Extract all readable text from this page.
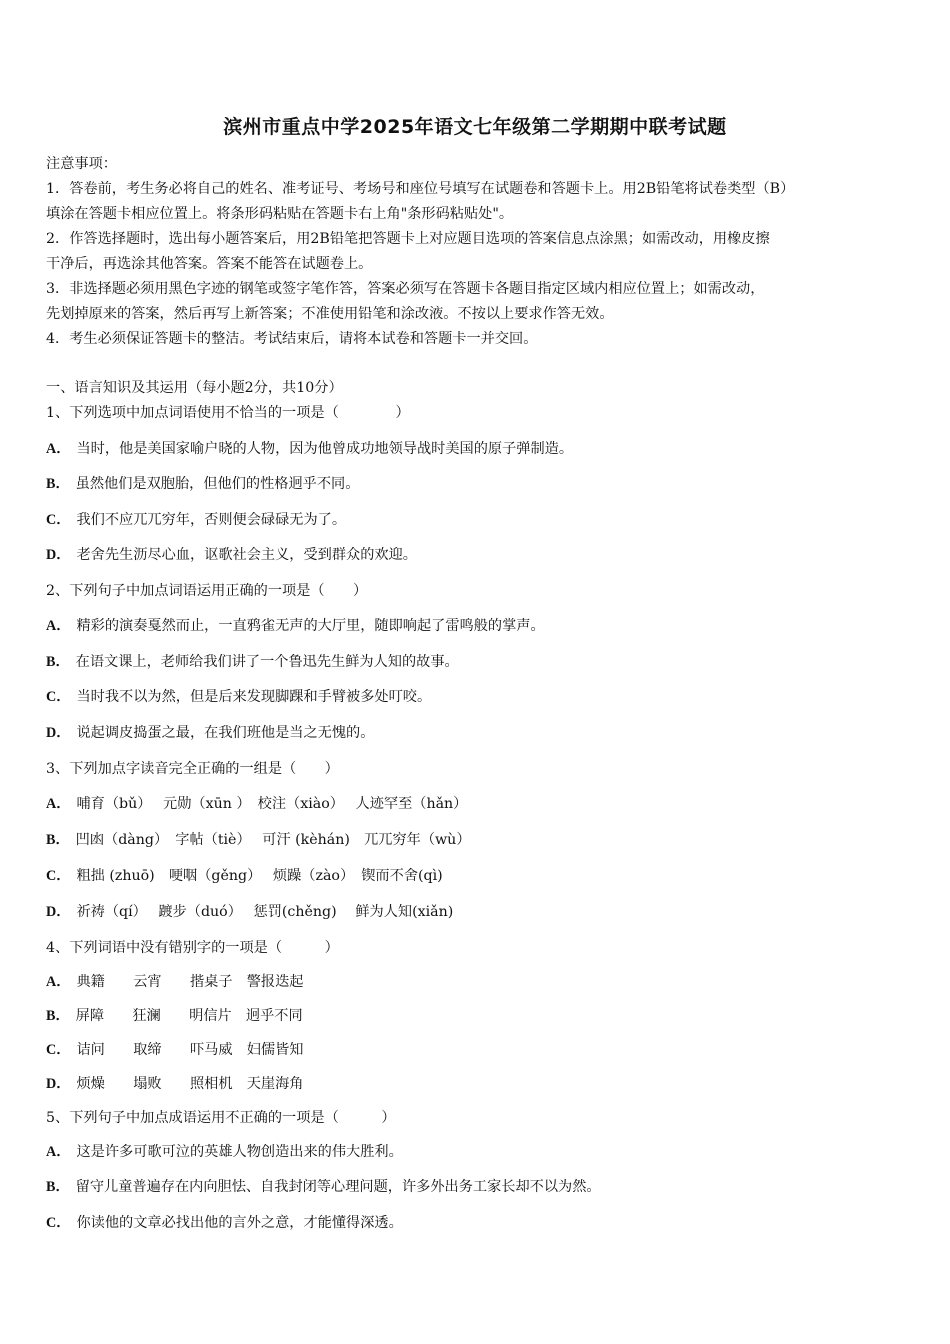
滨州市重点中学2025年语文七年级第二学期期中联考试题
注意事项：
1．答卷前，考生务必将自己的姓名、准考证号、考场号和座位号填写在试题卷和答题卡上。用2B铅笔将试卷类型（B）
填涂在答题卡相应位置上。将条形码粘贴在答题卡右上角"条形码粘贴处"。
2．作答选择题时，选出每小题答案后，用2B铅笔把答题卡上对应题目选项的答案信息点涂黑；如需改动，用橡皮擦
干净后，再选涂其他答案。答案不能答在试题卷上。
3．非选择题必须用黑色字迹的钢笔或签字笔作答，答案必须写在答题卡各题目指定区域内相应位置上；如需改动，
先划掉原来的答案，然后再写上新答案；不准使用铅笔和涂改液。不按以上要求作答无效。
4．考生必须保证答题卡的整洁。考试结束后，请将本试卷和答题卡一并交回。
一、语言知识及其运用（每小题2分，共10分）
1、下列选项中加点词语使用不恰当的一项是（　　　　）
A． 当时，他是美国家喻户晓的人物，因为他曾成功地领导战时美国的原子弹制造。
B． 虽然他们是双胞胎，但他们的性格迥乎不同。
C． 我们不应兀兀穷年，否则便会碌碌无为了。
D． 老舍先生沥尽心血，讴歌社会主义，受到群众的欢迎。
2、下列句子中加点词语运用正确的一项是（　　）
A． 精彩的演奏戛然而止，一直鸦雀无声的大厅里，随即响起了雷鸣般的掌声。
B． 在语文课上，老师给我们讲了一个鲁迅先生鲜为人知的故事。
C． 当时我不以为然，但是后来发现脚踝和手臂被多处叮咬。
D． 说起调皮捣蛋之最，在我们班他是当之无愧的。
3、下列加点字读音完全正确的一组是（　　）
A． 哺育（bǔ）　 元勋（xūn ）　校注（xiào）　 人迹罕至（hǎn）
B． 凹凼（dàng）　字帖（tiè）　 可汗 (kèhán)　兀兀穷年（wù）
C． 粗拙 (zhuō)　哽咽（gěng）　 烦躁（zào）　锲而不舍(qì)
D． 祈祷（qí）　 踱步（duó）　 惩罚(chěng)　 鲜为人知(xiǎn)
4、下列词语中没有错别字的一项是（　　　）
A． 典籍　　云宵　　揩桌子　警报迭起
B． 屏障　　狂澜　　明信片　迥乎不同
C． 诘问　　取缔　　吓马威　妇儒皆知
D． 烦燥　　塌败　　照相机　天崖海角
5、下列句子中加点成语运用不正确的一项是（　　　）
A． 这是许多可歌可泣的英雄人物创造出来的伟大胜利。
B． 留守儿童普遍存在内向胆怯、自我封闭等心理问题，许多外出务工家长却不以为然。
C． 你读他的文章必找出他的言外之意，才能懂得深透。
